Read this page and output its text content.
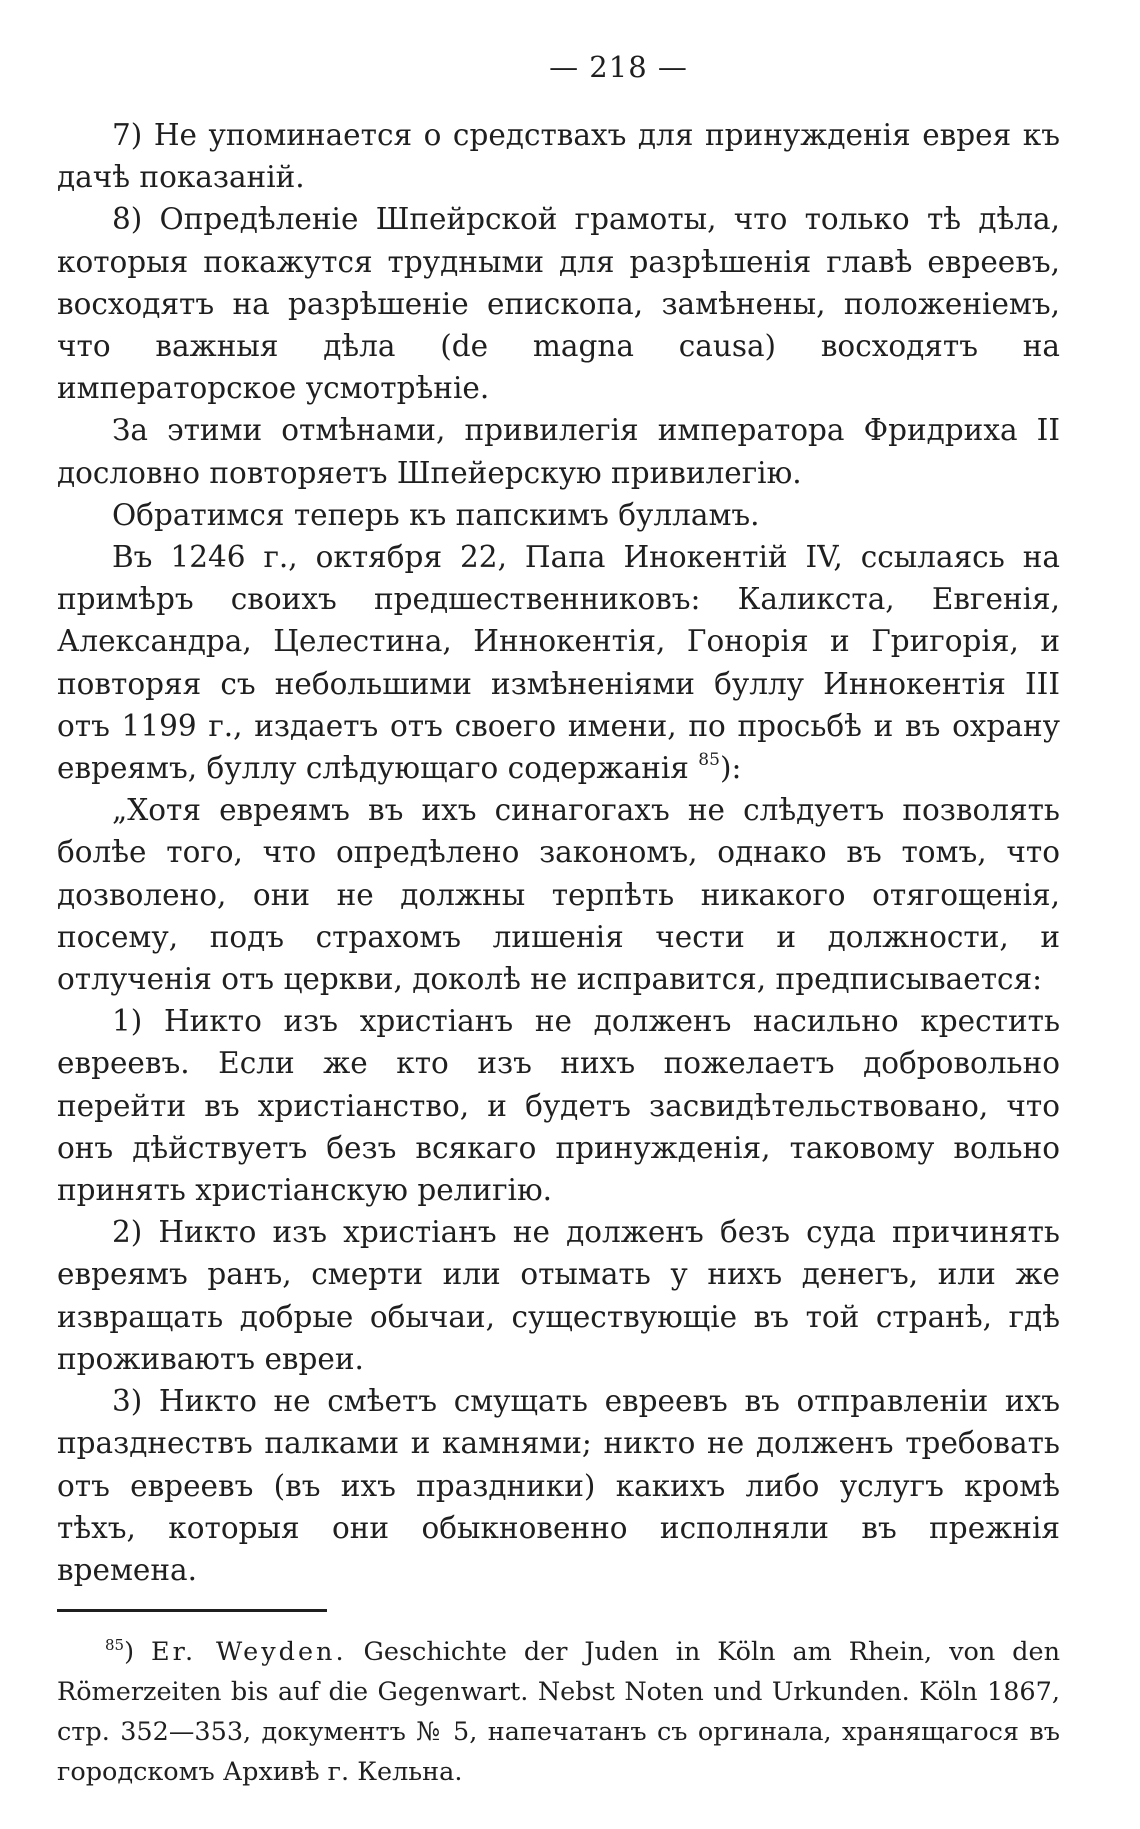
— 218 —

7) Не упоминается о средствахъ для принужденія еврея къ дачѣ показаній.

8) Опредѣленіе Шпейрской грамоты, что только тѣ дѣла, которыя покажутся трудными для разрѣшенія главѣ евреевъ, восходятъ на разрѣшеніе епископа, замѣнены, положеніемъ, что важныя дѣла (de magna causa) восходятъ на императорское усмотрѣніе.

За этими отмѣнами, привилегія императора Фридриха II дословно повторяетъ Шпейерскую привилегію.

Обратимся теперь къ папскимъ булламъ.

Въ 1246 г., октября 22, Папа Инокентій IV, ссылаясь на примѣръ своихъ предшественниковъ: Каликста, Евгенія, Александра, Целестина, Иннокентія, Гонорія и Григорія, и повторяя съ небольшими измѣненіями буллу Иннокентія III отъ 1199 г., издаетъ отъ своего имени, по просьбѣ и въ охрану евреямъ, буллу слѣдующаго содержанія $^{85}$):

„Хотя евреямъ въ ихъ синагогахъ не слѣдуетъ позволять болѣе того, что опредѣлено закономъ, однако въ томъ, что дозволено, они не должны терпѣть никакого отягощенія, посему, подъ страхомъ лишенія чести и должности, и отлученія отъ церкви, доколѣ не исправится, предписывается:

1) Никто изъ христіанъ не долженъ насильно крестить евреевъ. Если же кто изъ нихъ пожелаетъ добровольно перейти въ христіанство, и будетъ засвидѣтельствовано, что онъ дѣйствуетъ безъ всякаго принужденія, таковому вольно принять христіанскую религію.

2) Никто изъ христіанъ не долженъ безъ суда причинять евреямъ ранъ, смерти или отымать у нихъ денегъ, или же извращать добрые обычаи, существующіе въ той странѣ, гдѣ проживаютъ евреи.

3) Никто не смѣетъ смущать евреевъ въ отправленіи ихъ празднествъ палками и камнями; никто не долженъ требовать отъ евреевъ (въ ихъ праздники) какихъ либо услугъ кромѣ тѣхъ, которыя они обыкновенно исполняли въ прежнія времена.

$^{85}$) Er. Weyden. Geschichte der Juden in Köln am Rhein, von den Römerzeiten bis auf die Gegenwart. Nebst Noten und Urkunden. Köln 1867, стр. 352—353, документъ № 5, напечатанъ съ оргинала, хранящагося въ городскомъ Архивѣ г. Кельна.
